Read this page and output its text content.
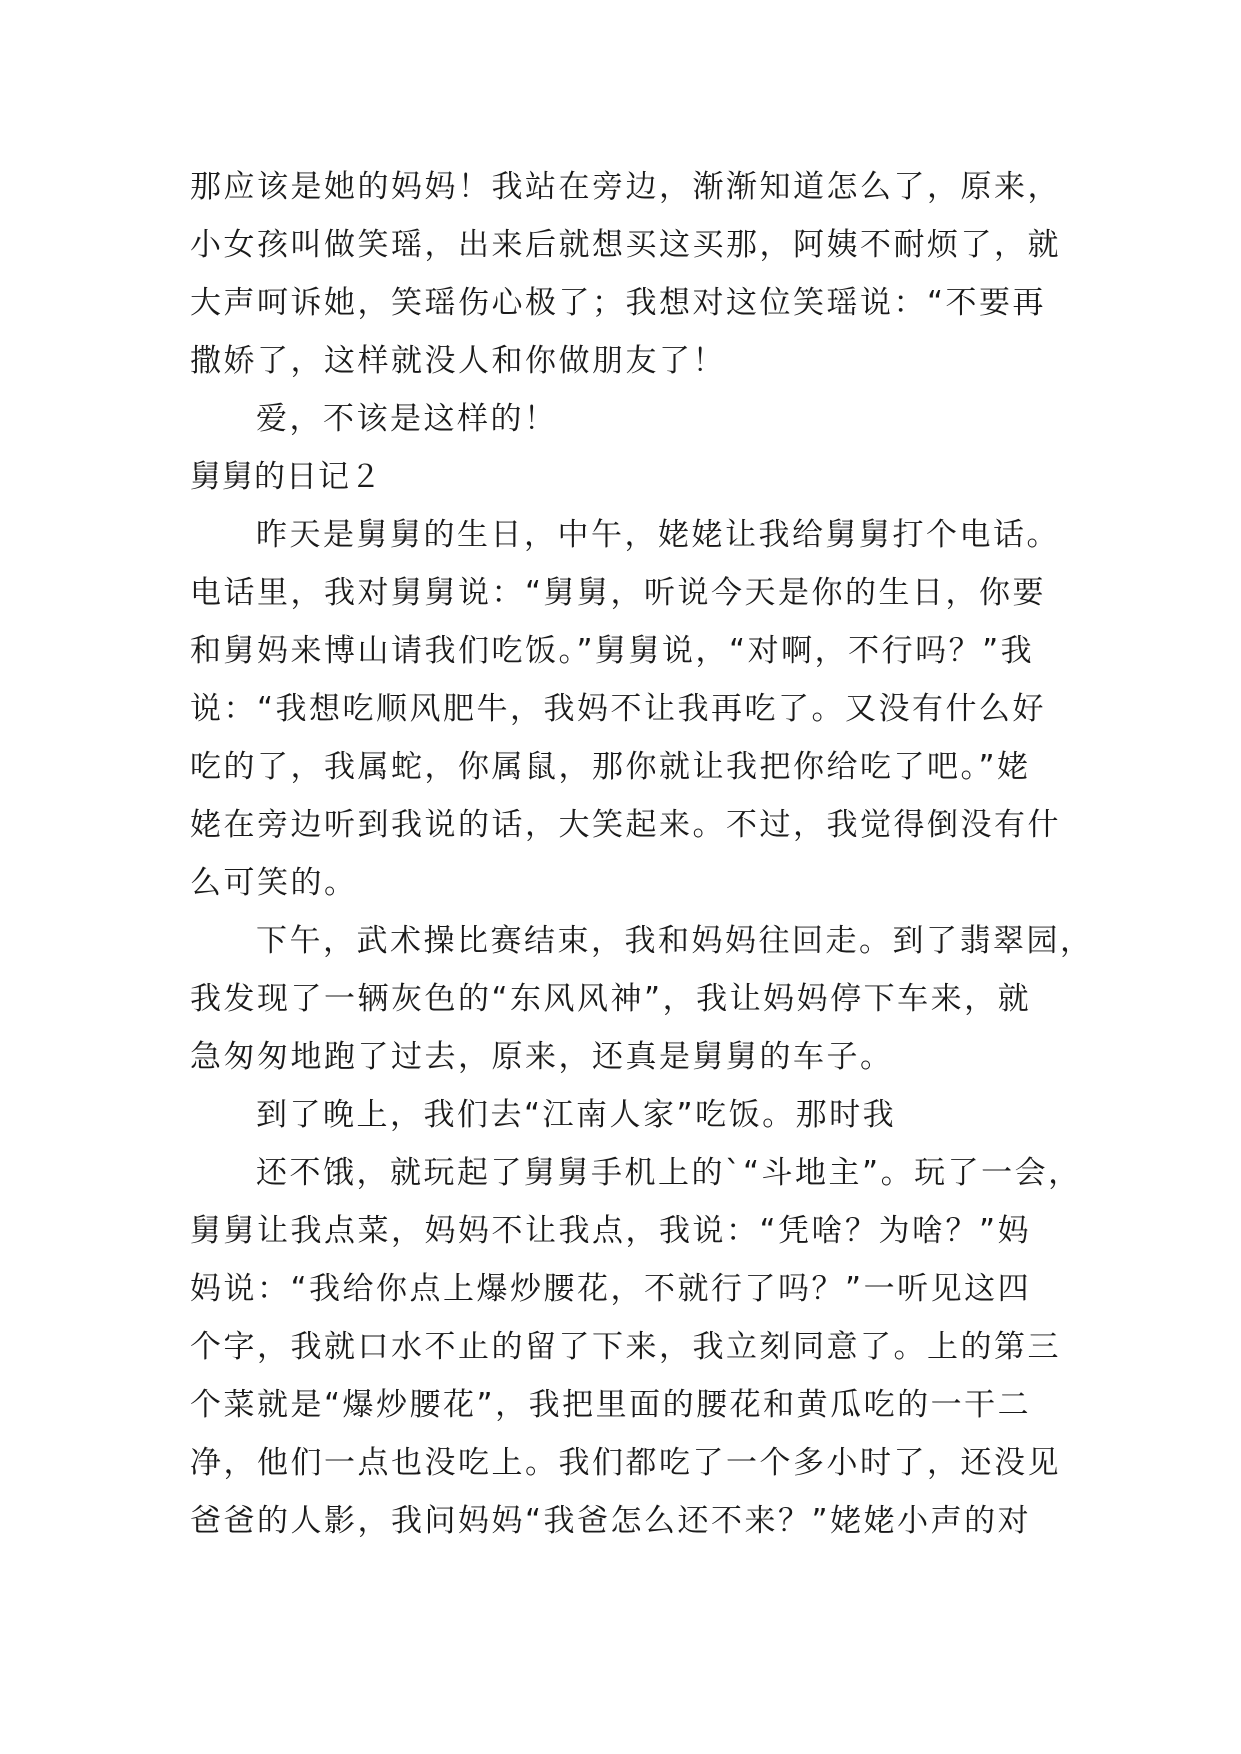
那应该是她的妈妈！我站在旁边，渐渐知道怎么了，原来，
小女孩叫做笑瑶，出来后就想买这买那，阿姨不耐烦了，就
大声呵诉她，笑瑶伤心极了；我想对这位笑瑶说：“不要再
撒娇了，这样就没人和你做朋友了！
爱，不该是这样的！
舅舅的日记２
昨天是舅舅的生日，中午，姥姥让我给舅舅打个电话。
电话里，我对舅舅说：“舅舅，听说今天是你的生日，你要
和舅妈来博山请我们吃饭。”舅舅说，“对啊，不行吗？”我
说：“我想吃顺风肥牛，我妈不让我再吃了。又没有什么好
吃的了，我属蛇，你属鼠，那你就让我把你给吃了吧。”姥
姥在旁边听到我说的话，大笑起来。不过，我觉得倒没有什
么可笑的。
下午，武术操比赛结束，我和妈妈往回走。到了翡翠园，
我发现了一辆灰色的“东风风神”，我让妈妈停下车来，就
急匆匆地跑了过去，原来，还真是舅舅的车子。
到了晚上，我们去“江南人家”吃饭。那时我
还不饿，就玩起了舅舅手机上的`“斗地主”。玩了一会，
舅舅让我点菜，妈妈不让我点，我说：“凭啥？为啥？”妈
妈说：“我给你点上爆炒腰花，不就行了吗？”一听见这四
个字，我就口水不止的留了下来，我立刻同意了。上的第三
个菜就是“爆炒腰花”，我把里面的腰花和黄瓜吃的一干二
净，他们一点也没吃上。我们都吃了一个多小时了，还没见
爸爸的人影，我问妈妈“我爸怎么还不来？”姥姥小声的对
